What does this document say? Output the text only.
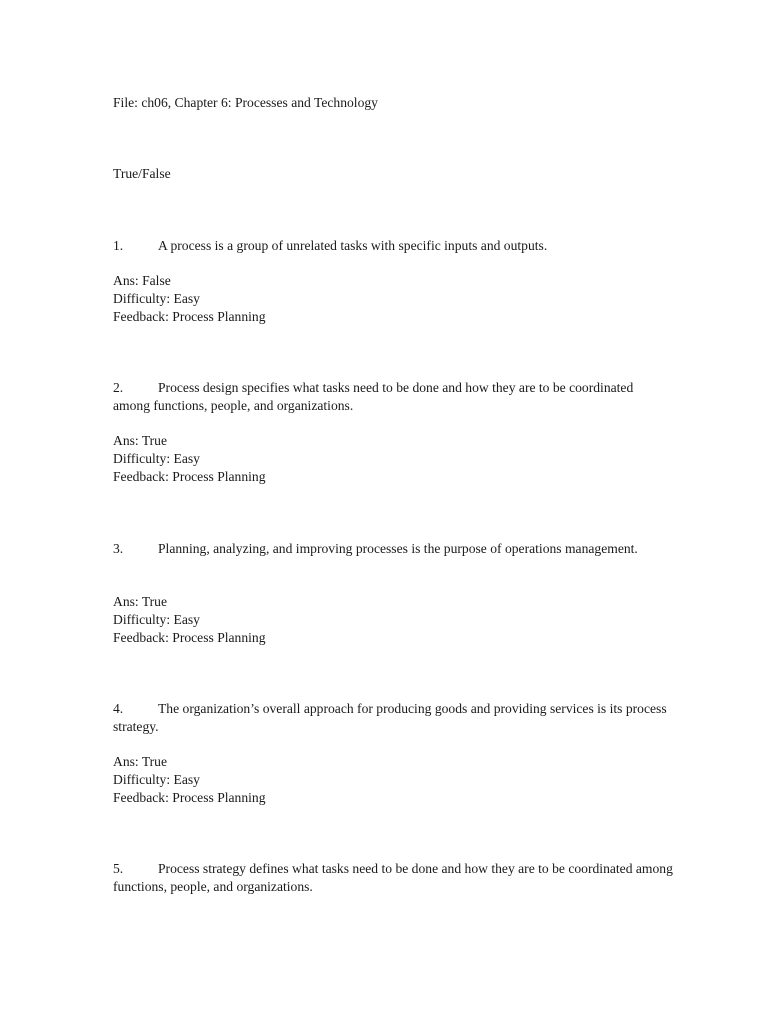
File: ch06, Chapter 6: Processes and Technology
True/False
1.	A process is a group of unrelated tasks with specific inputs and outputs.
Ans: False
Difficulty: Easy
Feedback: Process Planning
2.	Process design specifies what tasks need to be done and how they are to be coordinated among functions, people, and organizations.
Ans: True
Difficulty: Easy
Feedback: Process Planning
3.	Planning, analyzing, and improving processes is the purpose of operations management.
Ans: True
Difficulty: Easy
Feedback: Process Planning
4.	The organization’s overall approach for producing goods and providing services is its process strategy.
Ans: True
Difficulty: Easy
Feedback: Process Planning
5.	Process strategy defines what tasks need to be done and how they are to be coordinated among functions, people, and organizations.
